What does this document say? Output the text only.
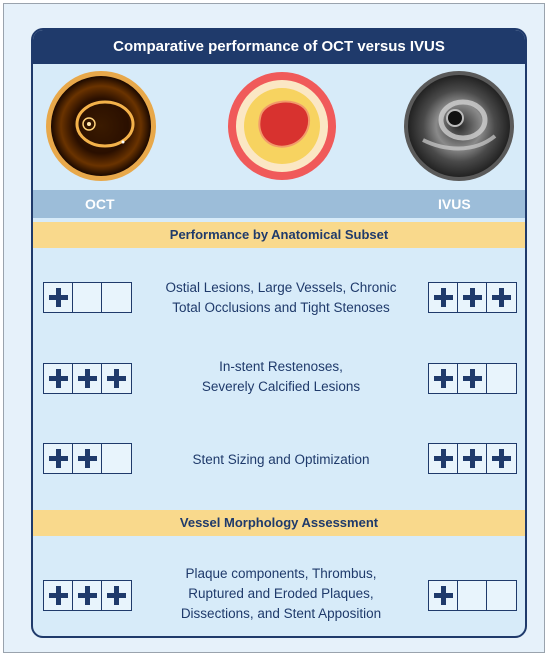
Comparative performance of OCT versus IVUS
OCT	IVUS
Performance by Anatomical Subset
Ostial Lesions, Large Vessels, Chronic
Total Occlusions and Tight Stenoses
In-stent Restenoses,
Severely Calcified Lesions
Stent Sizing and Optimization
Vessel Morphology Assessment
Plaque components, Thrombus,
Ruptured and Eroded Plaques,
Dissections, and Stent Apposition
